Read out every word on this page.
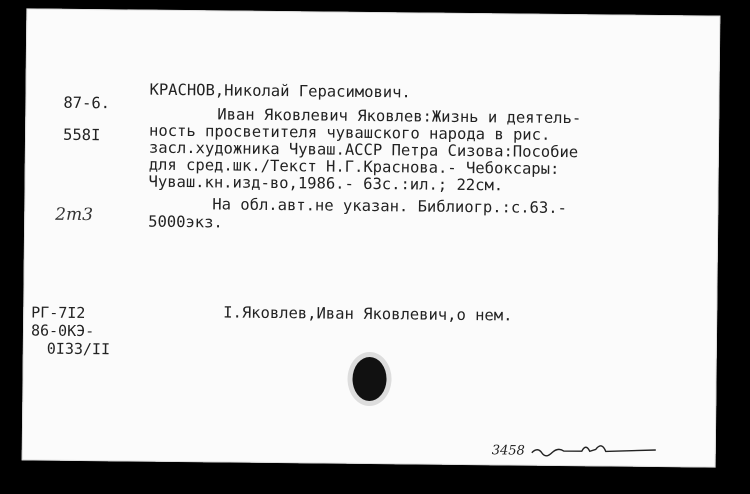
87-6.
558I
2m3
КРАСНОВ,Николай Герасимович.
Иван Яковлевич Яковлев:Жизнь и деятель-
ность просветителя чувашского народа в рис.
засл.художника Чуваш.АССР Петра Сизова:Пособие
для сред.шк./Текст Н.Г.Краснова.- Чебоксары:
Чуваш.кн.изд-во,1986.- 63с.:ил.; 22см.
На обл.авт.не указан. Библиогр.:с.63.-
5000экз.
I.Яковлев,Иван Яковлевич,о нем.
РГ-7I2
86-0КЭ-
0I33/II
3458
